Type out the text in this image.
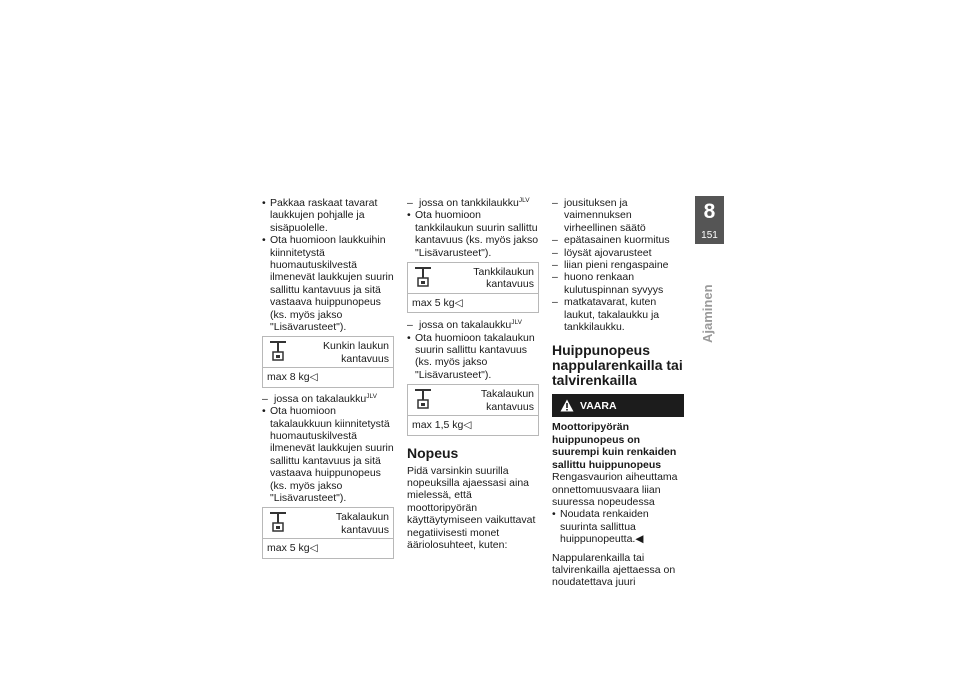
• Pakkaa raskaat tavarat laukkujen pohjalle ja sisäpuolelle.
• Ota huomioon laukkuihin kiinnitetystä huomautuskilvestä ilmenevät laukkujen suurin sallittu kantavuus ja sitä vastaava huippunopeus (ks. myös jakso "Lisävarusteet").
Kunkin laukun kantavuus
max 8 kg◁
– jossa on takalaukku$^{JLV}$
• Ota huomioon takalaukkuun kiinnitetystä huomautuskilvestä ilmenevät laukkujen suurin sallittu kantavuus ja sitä vastaava huippunopeus (ks. myös jakso "Lisävarusteet").
Takalaukun kantavuus
max 5 kg◁
– jossa on tankkilaukku$^{JLV}$
• Ota huomioon tankkilaukun suurin sallittu kantavuus (ks. myös jakso "Lisävarusteet").
Tankkilaukun kantavuus
max 5 kg◁
– jossa on takalaukku$^{JLV}$
• Ota huomioon takalaukun suurin sallittu kantavuus (ks. myös jakso "Lisävarusteet").
Takalaukun kantavuus
max 1,5 kg◁
Nopeus
Pidä varsinkin suurilla nopeuksilla ajaessasi aina mielessä, että moottoripyörän käyttäytymiseen vaikuttavat negatiivisesti monet ääriolosuhteet, kuten:
– jousituksen ja vaimennuksen virheellinen säätö
– epätasainen kuormitus
– löysät ajovarusteet
– liian pieni rengaspaine
– huono renkaan kulutuspinnan syvyys
– matkatavarat, kuten laukut, takalaukku ja tankkilaukku.
Huippunopeus nappularenkailla tai talvirenkailla
VAARA
Moottoripyörän huippunopeus on suurempi kuin renkaiden sallittu huippunopeus
Rengasvaurion aiheuttama onnettomuusvaara liian suuressa nopeudessa
• Noudata renkaiden suurinta sallittua huippunopeutta.◀
Nappularenkailla tai talvirenkailla ajettaessa on noudatettava juuri
8
151
Ajaminen
